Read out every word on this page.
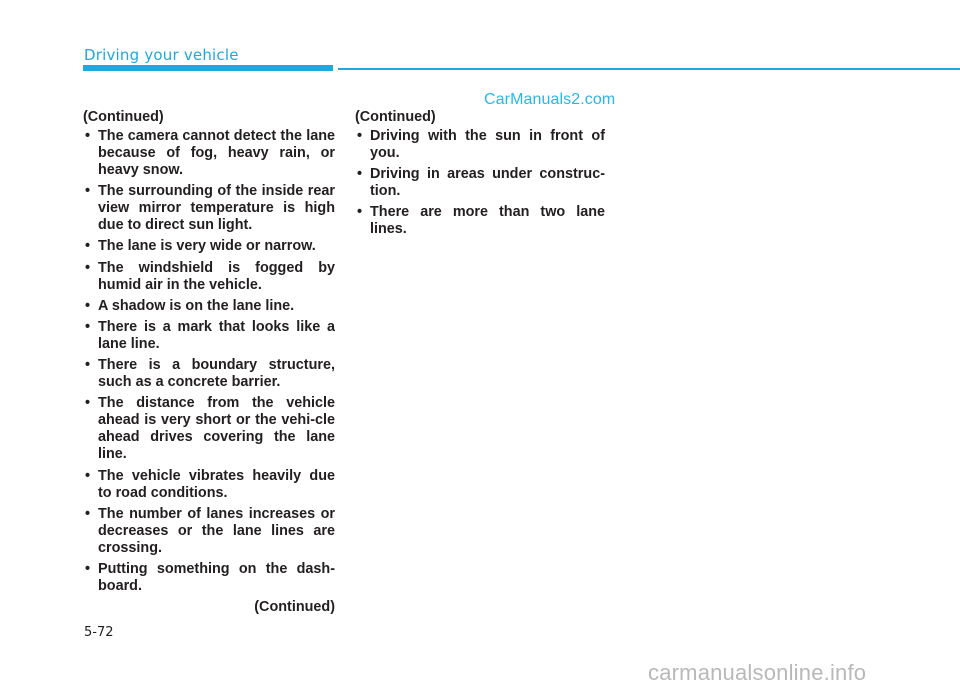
Driving your vehicle
CarManuals2.com

(Continued)

• The camera cannot detect the lane because of fog, heavy rain, or heavy snow.
• The surrounding of the inside rear view mirror temperature is high due to direct sun light.
• The lane is very wide or narrow.
• The windshield is fogged by humid air in the vehicle.
• A shadow is on the lane line.
• There is a mark that looks like a lane line.
• There is a boundary structure, such as a concrete barrier.
• The distance from the vehicle ahead is very short or the vehi-cle ahead drives covering the lane line.
• The vehicle vibrates heavily due to road conditions.
• The number of lanes increases or decreases or the lane lines are crossing.
• Putting something on the dash-board.

(Continued)

(Continued)

• Driving with the sun in front of you.
• Driving in areas under construc-tion.
• There are more than two lane lines.
5-72
carmanualsonline.info
